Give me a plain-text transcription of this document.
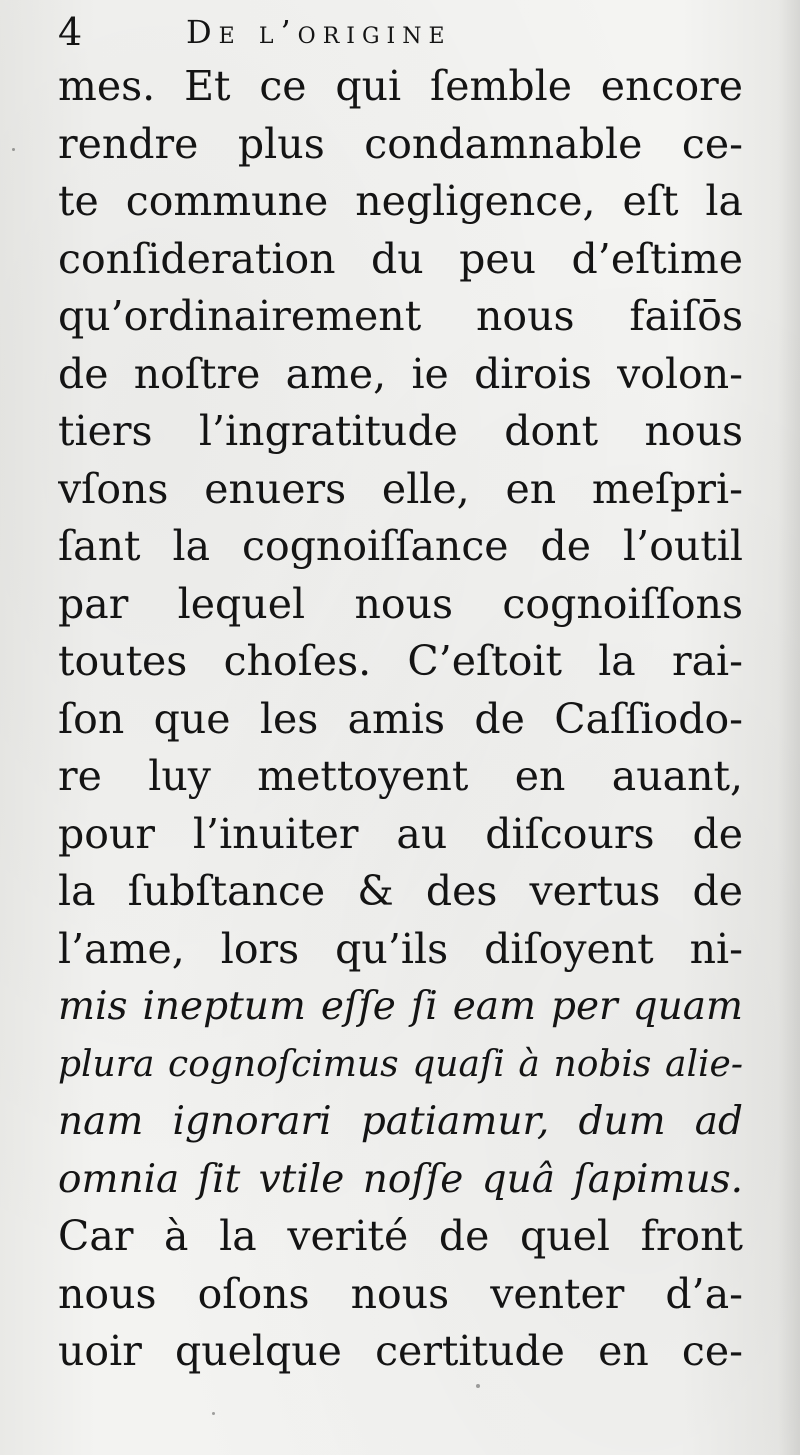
4	De l’origine
mes. Et ce qui ſemble encore
rendre plus condamnable ce-
te commune negligence, eſt la
conſideration du peu d’eſtime
qu’ordinairement nous faiſōs
de noſtre ame, ie dirois volon-
tiers l’ingratitude dont nous
vſons enuers elle, en meſpri-
ſant la cognoiſſance de l’outil
par lequel nous cognoiſſons
toutes choſes. C’eſtoit la rai-
ſon que les amis de Caſſiodo-
re luy mettoyent en auant,
pour l’inuiter au diſcours de
la ſubſtance & des vertus de
l’ame, lors qu’ils diſoyent ni-
mis ineptum eſſe ſi eam per quam
plura cognoſcimus quaſi à nobis alie-
nam ignorari patiamur, dum ad
omnia ſit vtile noſſe quâ ſapimus.
Car à la verité de quel front
nous oſons nous venter d’a-
uoir quelque certitude en ce-
